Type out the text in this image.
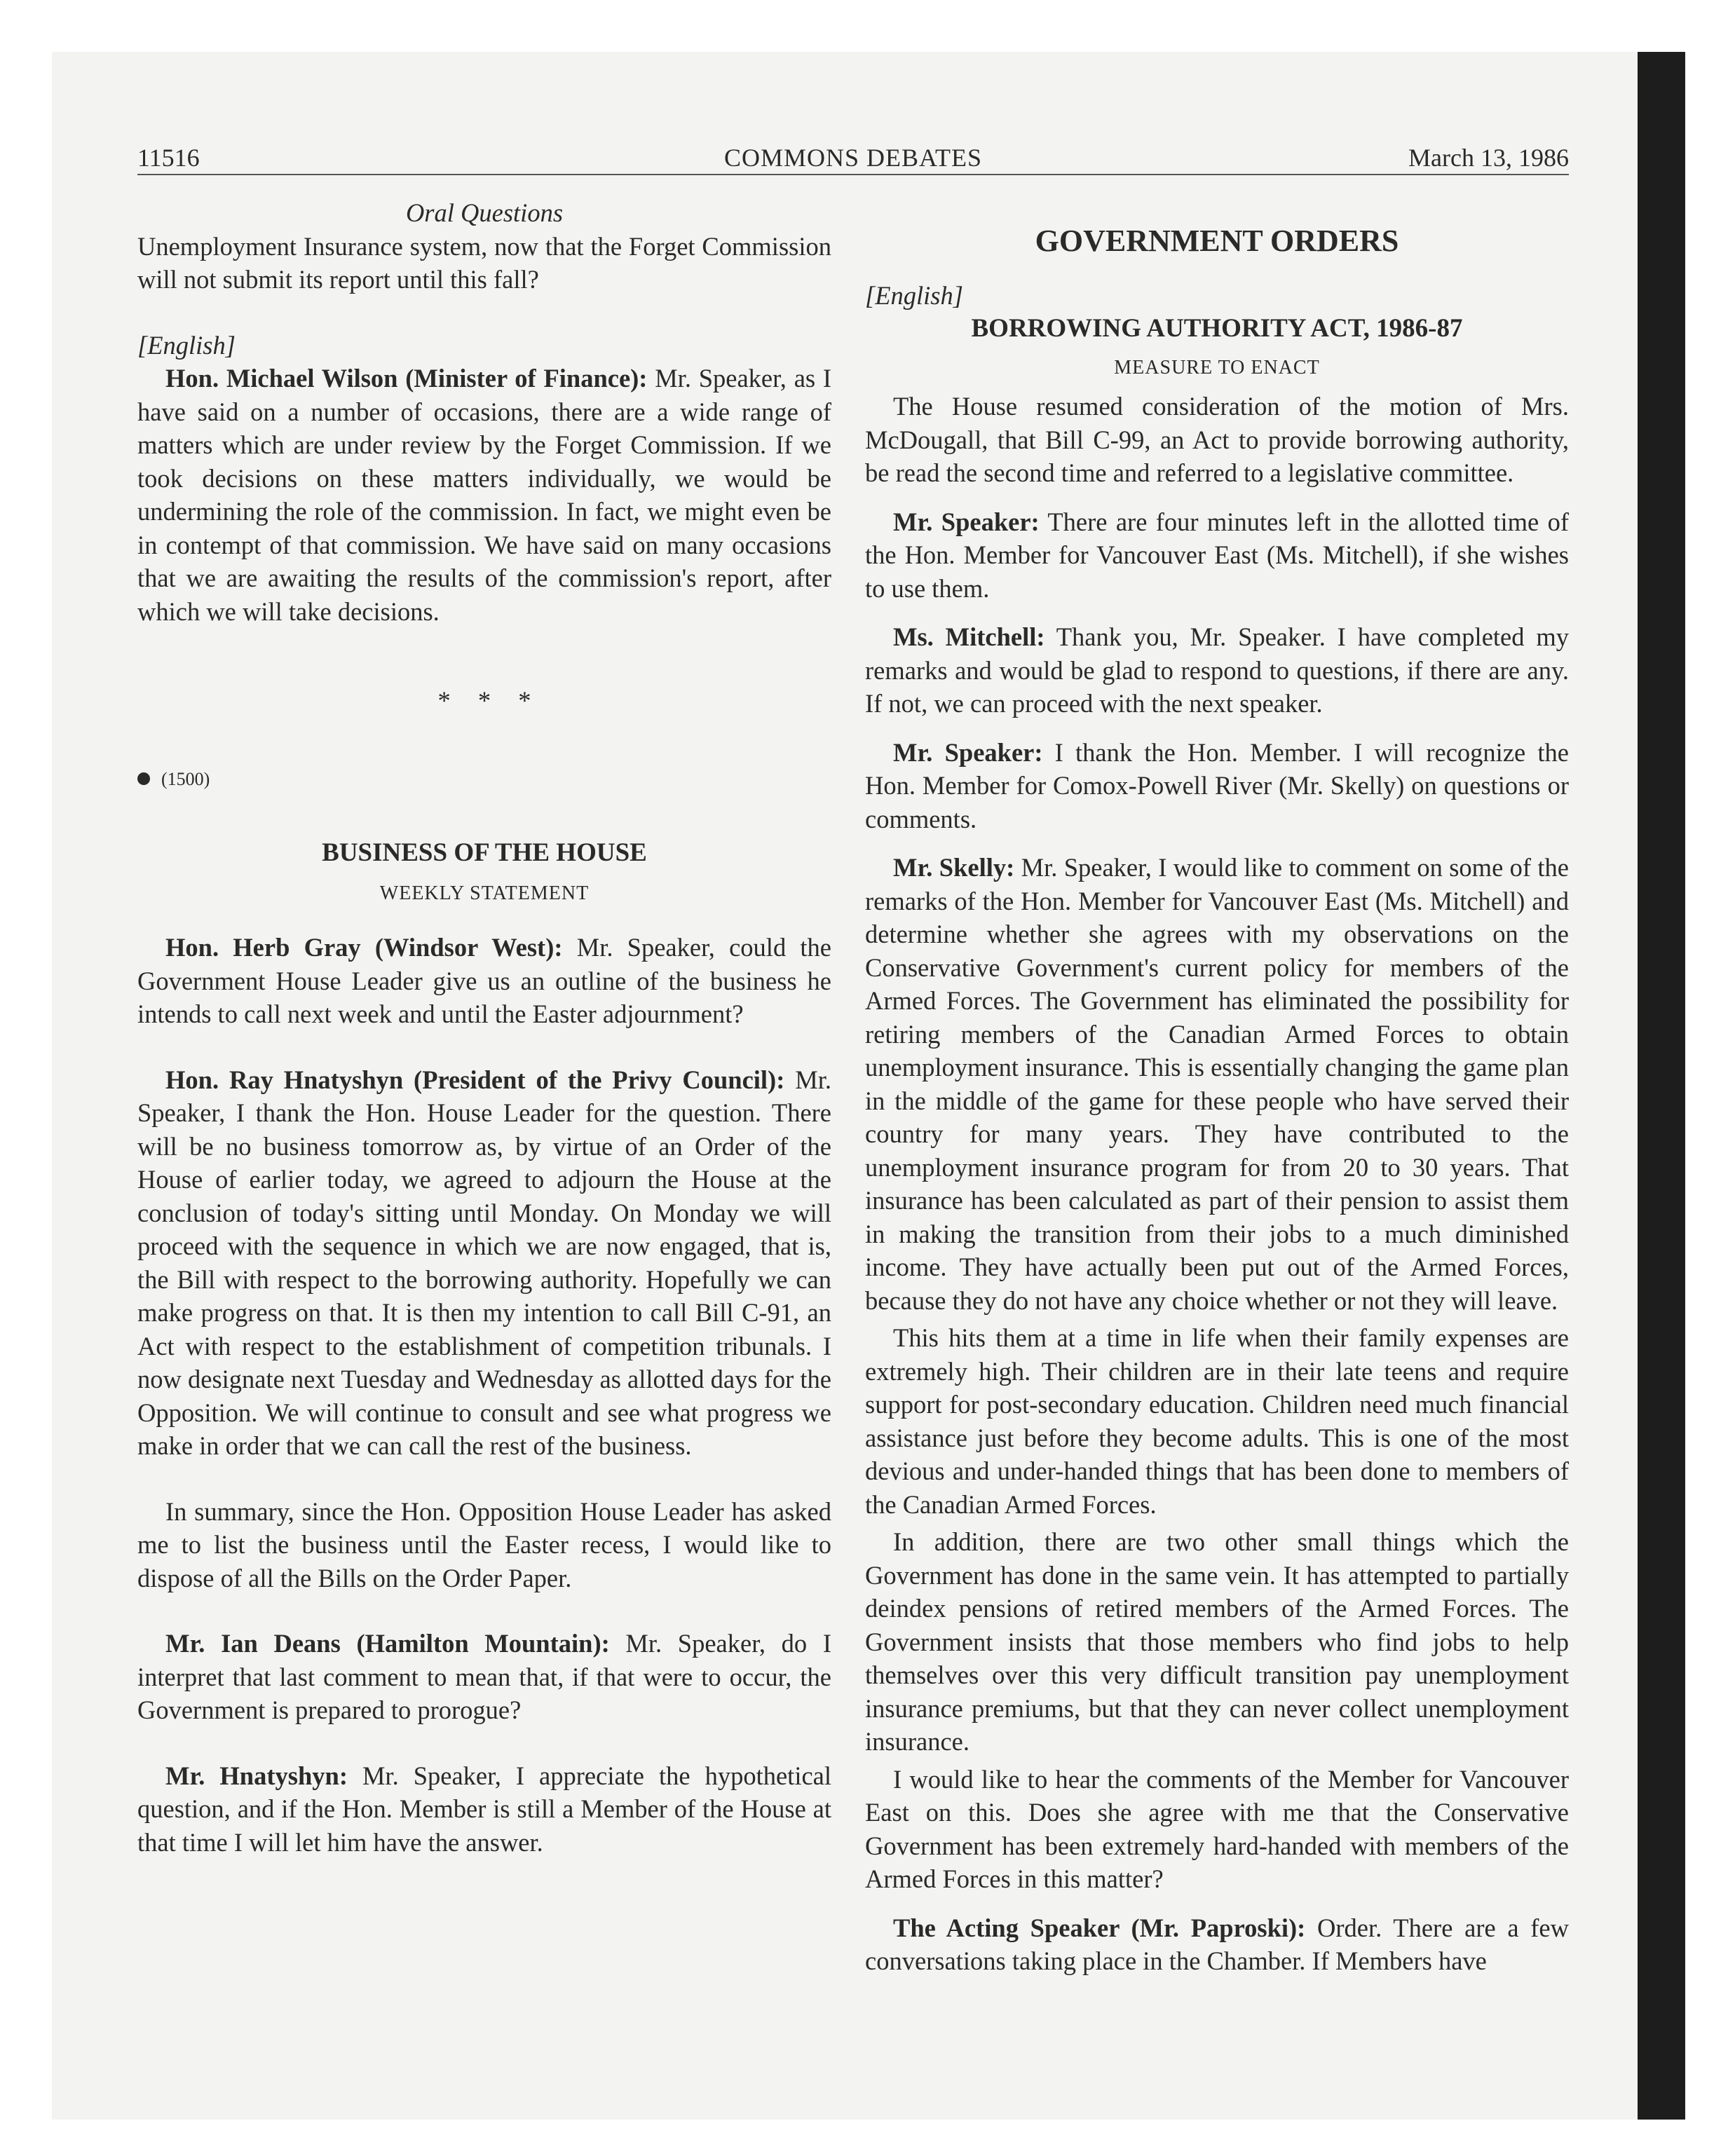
11516	COMMONS DEBATES	March 13, 1986

Oral Questions

Unemployment Insurance system, now that the Forget Commission will not submit its report until this fall?

[English]

Hon. Michael Wilson (Minister of Finance): Mr. Speaker, as I have said on a number of occasions, there are a wide range of matters which are under review by the Forget Commission. If we took decisions on these matters individually, we would be undermining the role of the commission. In fact, we might even be in contempt of that commission. We have said on many occasions that we are awaiting the results of the commission's report, after which we will take decisions.

* * *

(1500)

BUSINESS OF THE HOUSE

WEEKLY STATEMENT

Hon. Herb Gray (Windsor West): Mr. Speaker, could the Government House Leader give us an outline of the business he intends to call next week and until the Easter adjournment?

Hon. Ray Hnatyshyn (President of the Privy Council): Mr. Speaker, I thank the Hon. House Leader for the question. There will be no business tomorrow as, by virtue of an Order of the House of earlier today, we agreed to adjourn the House at the conclusion of today's sitting until Monday. On Monday we will proceed with the sequence in which we are now engaged, that is, the Bill with respect to the borrowing authority. Hopefully we can make progress on that. It is then my intention to call Bill C-91, an Act with respect to the establishment of competition tribunals. I now designate next Tuesday and Wednesday as allotted days for the Opposition. We will continue to consult and see what progress we make in order that we can call the rest of the business.

In summary, since the Hon. Opposition House Leader has asked me to list the business until the Easter recess, I would like to dispose of all the Bills on the Order Paper.

Mr. Ian Deans (Hamilton Mountain): Mr. Speaker, do I interpret that last comment to mean that, if that were to occur, the Government is prepared to prorogue?

Mr. Hnatyshyn: Mr. Speaker, I appreciate the hypothetical question, and if the Hon. Member is still a Member of the House at that time I will let him have the answer.

GOVERNMENT ORDERS

[English]

BORROWING AUTHORITY ACT, 1986-87

MEASURE TO ENACT

The House resumed consideration of the motion of Mrs. McDougall, that Bill C-99, an Act to provide borrowing authority, be read the second time and referred to a legislative committee.

Mr. Speaker: There are four minutes left in the allotted time of the Hon. Member for Vancouver East (Ms. Mitchell), if she wishes to use them.

Ms. Mitchell: Thank you, Mr. Speaker. I have completed my remarks and would be glad to respond to questions, if there are any. If not, we can proceed with the next speaker.

Mr. Speaker: I thank the Hon. Member. I will recognize the Hon. Member for Comox-Powell River (Mr. Skelly) on questions or comments.

Mr. Skelly: Mr. Speaker, I would like to comment on some of the remarks of the Hon. Member for Vancouver East (Ms. Mitchell) and determine whether she agrees with my observations on the Conservative Government's current policy for members of the Armed Forces. The Government has eliminated the possibility for retiring members of the Canadian Armed Forces to obtain unemployment insurance. This is essentially changing the game plan in the middle of the game for these people who have served their country for many years. They have contributed to the unemployment insurance program for from 20 to 30 years. That insurance has been calculated as part of their pension to assist them in making the transition from their jobs to a much diminished income. They have actually been put out of the Armed Forces, because they do not have any choice whether or not they will leave.

This hits them at a time in life when their family expenses are extremely high. Their children are in their late teens and require support for post-secondary education. Children need much financial assistance just before they become adults. This is one of the most devious and under-handed things that has been done to members of the Canadian Armed Forces.

In addition, there are two other small things which the Government has done in the same vein. It has attempted to partially deindex pensions of retired members of the Armed Forces. The Government insists that those members who find jobs to help themselves over this very difficult transition pay unemployment insurance premiums, but that they can never collect unemployment insurance.

I would like to hear the comments of the Member for Vancouver East on this. Does she agree with me that the Conservative Government has been extremely hard-handed with members of the Armed Forces in this matter?

The Acting Speaker (Mr. Paproski): Order. There are a few conversations taking place in the Chamber. If Members have
